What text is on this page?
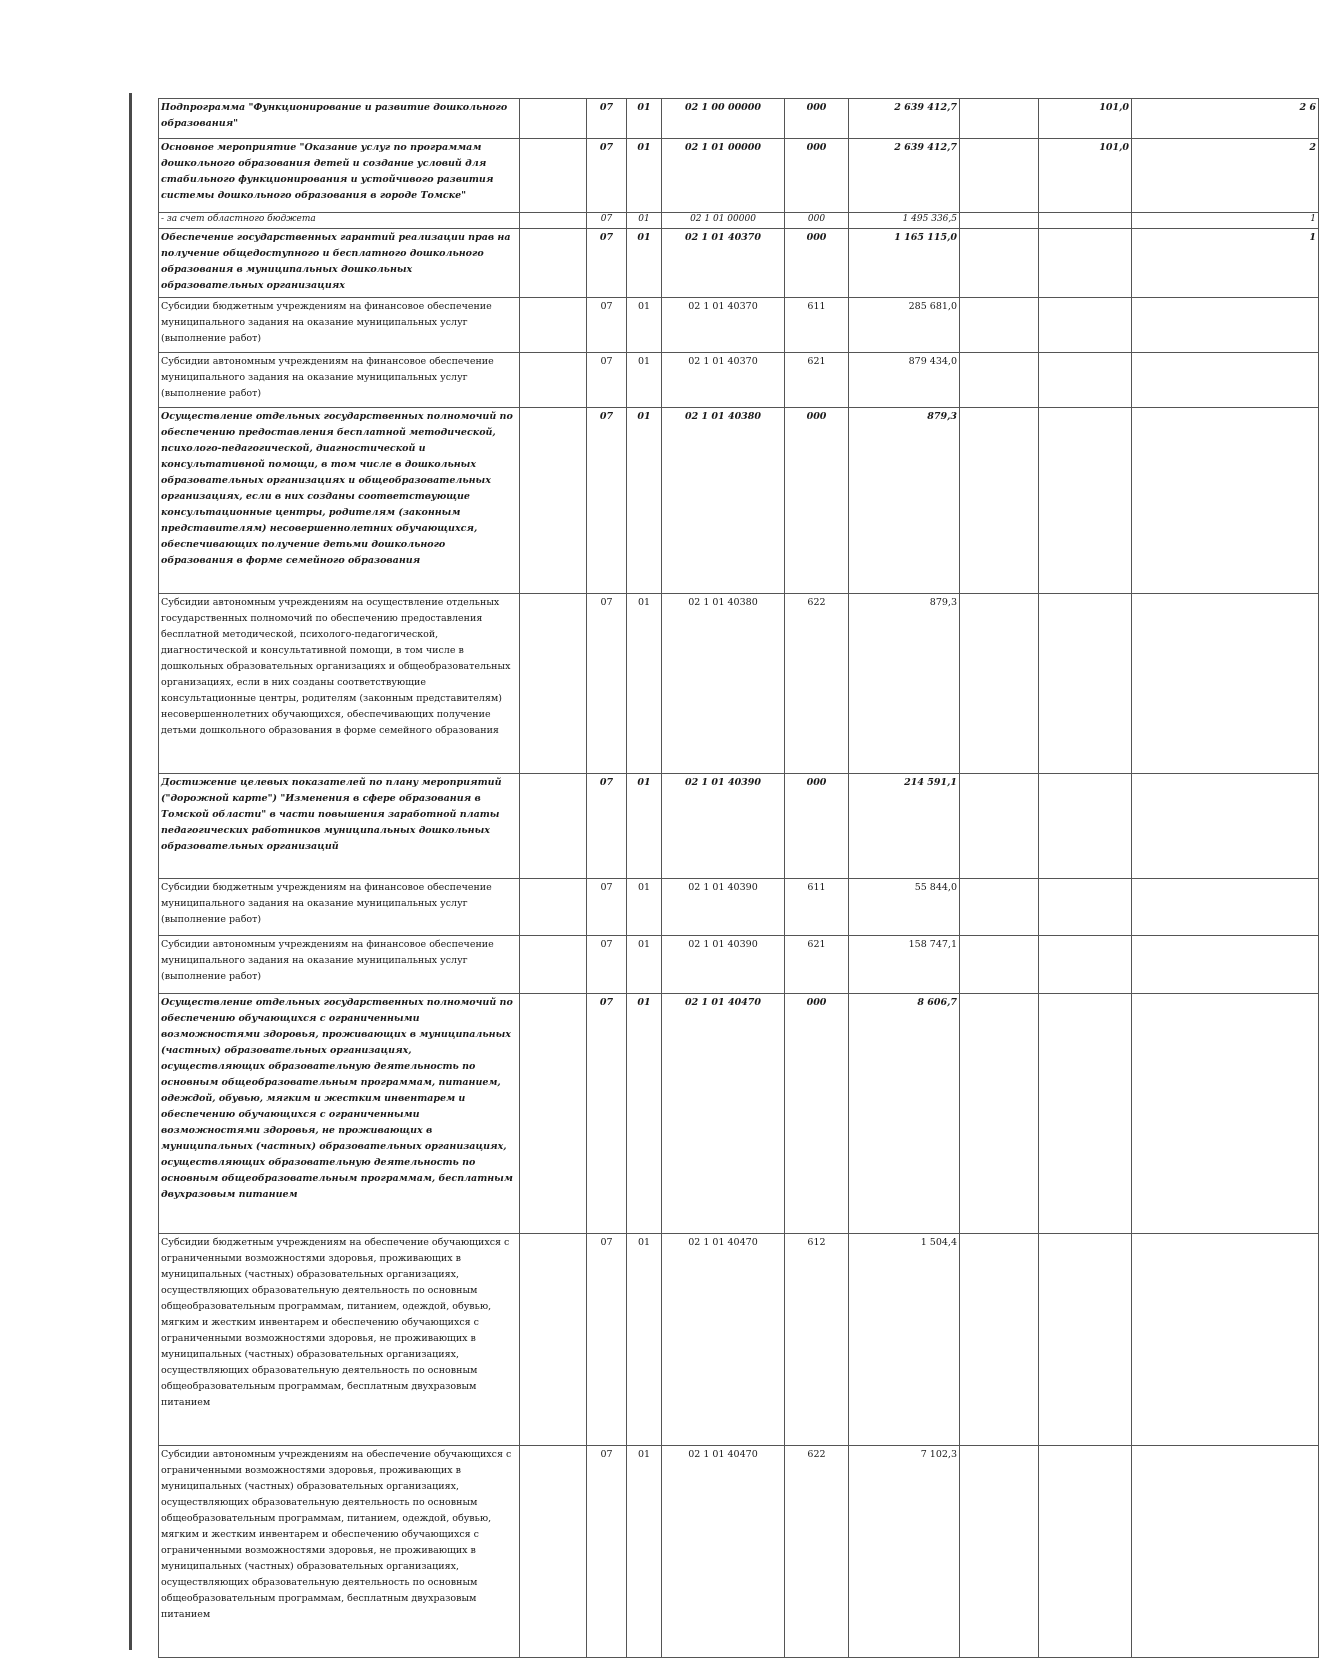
Подпрограмма "Функционирование и развитие дошкольного образования"		07	01	02 1 00 00000	000	2 639 412,7		101,0	2 6
Основное мероприятие "Оказание услуг по программам дошкольного образования детей и создание условий для стабильного функционирования и устойчивого развития системы дошкольного образования в городе Томске"		07	01	02 1 01 00000	000	2 639 412,7		101,0	2
- за счет областного бюджета		07	01	02 1 01 00000	000	1 495 336,5			1
Обеспечение государственных гарантий реализации прав на получение общедоступного и бесплатного дошкольного образования в муниципальных дошкольных образовательных организациях		07	01	02 1 01 40370	000	1 165 115,0			1
Субсидии бюджетным учреждениям на финансовое обеспечение муниципального задания на оказание муниципальных услуг (выполнение работ)		07	01	02 1 01 40370	611	285 681,0			
Субсидии автономным учреждениям на финансовое обеспечение муниципального задания на оказание муниципальных услуг (выполнение работ)		07	01	02 1 01 40370	621	879 434,0			
Осуществление отдельных государственных полномочий по обеспечению предоставления бесплатной методической, психолого-педагогической, диагностической и консультативной помощи, в том числе в дошкольных образовательных организациях и общеобразовательных организациях, если в них созданы соответствующие консультационные центры, родителям (законным представителям) несовершеннолетних обучающихся, обеспечивающих получение детьми дошкольного образования в форме семейного образования		07	01	02 1 01 40380	000	879,3			
Субсидии автономным учреждениям на осуществление отдельных государственных полномочий по обеспечению предоставления бесплатной методической, психолого-педагогической, диагностической и консультативной помощи, в том числе в дошкольных образовательных организациях и общеобразовательных организациях, если в них созданы соответствующие консультационные центры, родителям (законным представителям) несовершеннолетних обучающихся, обеспечивающих получение детьми дошкольного образования в форме семейного образования		07	01	02 1 01 40380	622	879,3			
Достижение целевых показателей по плану мероприятий ("дорожной карте") "Изменения в сфере образования в Томской области" в части повышения заработной платы педагогических работников муниципальных дошкольных образовательных организаций		07	01	02 1 01 40390	000	214 591,1			
Субсидии бюджетным учреждениям на финансовое обеспечение муниципального задания на оказание муниципальных услуг (выполнение работ)		07	01	02 1 01 40390	611	55 844,0			
Субсидии автономным учреждениям на финансовое обеспечение муниципального задания на оказание муниципальных услуг (выполнение работ)		07	01	02 1 01 40390	621	158 747,1			
Осуществление отдельных государственных полномочий по обеспечению обучающихся с ограниченными возможностями здоровья, проживающих в муниципальных (частных) образовательных организациях, осуществляющих образовательную деятельность по основным общеобразовательным программам, питанием, одеждой, обувью, мягким и жестким инвентарем и обеспечению обучающихся с ограниченными возможностями здоровья, не проживающих в муниципальных (частных) образовательных организациях, осуществляющих образовательную деятельность по основным общеобразовательным программам, бесплатным двухразовым питанием		07	01	02 1 01 40470	000	8 606,7			
Субсидии бюджетным учреждениям на обеспечение обучающихся с ограниченными возможностями здоровья, проживающих в муниципальных (частных) образовательных организациях, осуществляющих образовательную деятельность по основным общеобразовательным программам, питанием, одеждой, обувью, мягким и жестким инвентарем и обеспечению обучающихся с ограниченными возможностями здоровья, не проживающих в муниципальных (частных) образовательных организациях, осуществляющих образовательную деятельность по основным общеобразовательным программам, бесплатным двухразовым питанием		07	01	02 1 01 40470	612	1 504,4			
Субсидии автономным учреждениям на обеспечение обучающихся с ограниченными возможностями здоровья, проживающих в муниципальных (частных) образовательных организациях, осуществляющих образовательную деятельность по основным общеобразовательным программам, питанием, одеждой, обувью, мягким и жестким инвентарем и обеспечению обучающихся с ограниченными возможностями здоровья, не проживающих в муниципальных (частных) образовательных организациях, осуществляющих образовательную деятельность по основным общеобразовательным программам, бесплатным двухразовым питанием		07	01	02 1 01 40470	622	7 102,3			
